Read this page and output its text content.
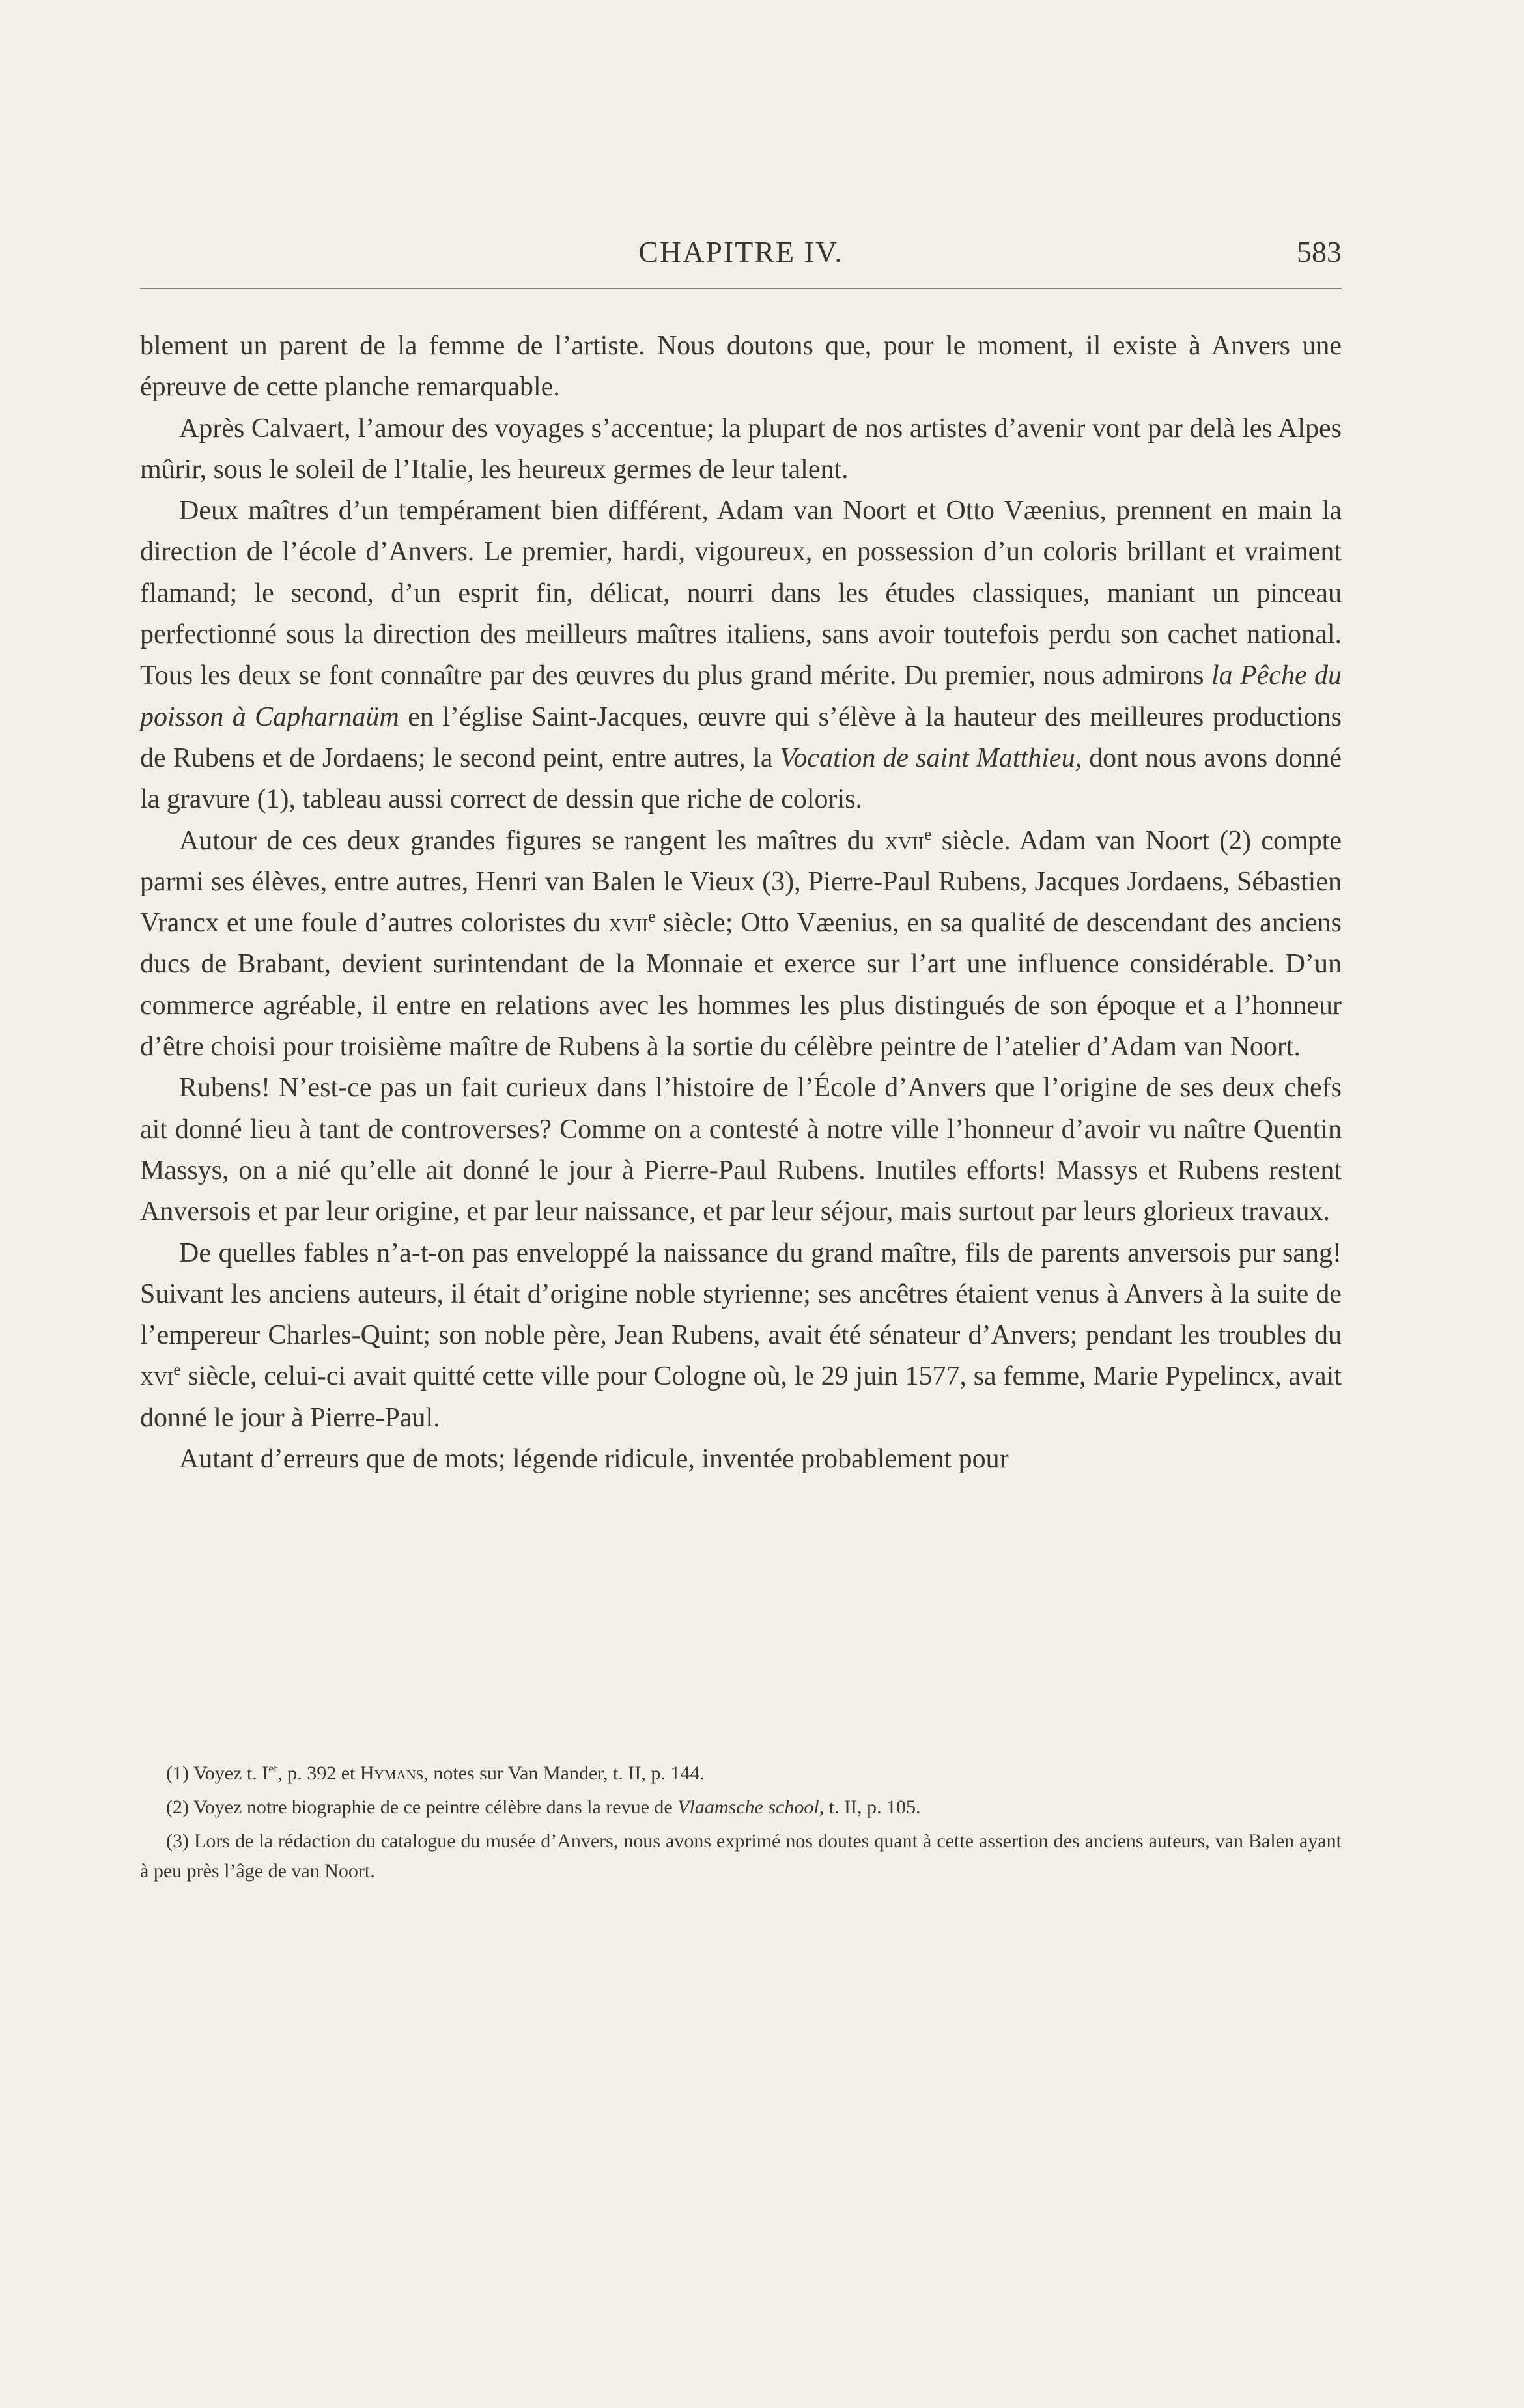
CHAPITRE IV.	583

blement un parent de la femme de l’artiste. Nous doutons que, pour le moment, il existe à Anvers une épreuve de cette planche remarquable.

Après Calvaert, l’amour des voyages s’accentue; la plupart de nos artistes d’avenir vont par delà les Alpes mûrir, sous le soleil de l’Italie, les heureux germes de leur talent.

Deux maîtres d’un tempérament bien différent, Adam van Noort et Otto Væenius, prennent en main la direction de l’école d’Anvers. Le premier, hardi, vigoureux, en possession d’un coloris brillant et vraiment flamand; le second, d’un esprit fin, délicat, nourri dans les études classiques, maniant un pinceau perfectionné sous la direction des meilleurs maîtres italiens, sans avoir toutefois perdu son cachet national. Tous les deux se font connaître par des œuvres du plus grand mérite. Du premier, nous admirons la Pêche du poisson à Capharnaüm en l’église Saint-Jacques, œuvre qui s’élève à la hauteur des meilleures productions de Rubens et de Jordaens; le second peint, entre autres, la Vocation de saint Matthieu, dont nous avons donné la gravure (1), tableau aussi correct de dessin que riche de coloris.

Autour de ces deux grandes figures se rangent les maîtres du xvii$^e$ siècle. Adam van Noort (2) compte parmi ses élèves, entre autres, Henri van Balen le Vieux (3), Pierre-Paul Rubens, Jacques Jordaens, Sébastien Vrancx et une foule d’autres coloristes du xvii$^e$ siècle; Otto Væenius, en sa qualité de descendant des anciens ducs de Brabant, devient surintendant de la Monnaie et exerce sur l’art une influence considérable. D’un commerce agréable, il entre en relations avec les hommes les plus distingués de son époque et a l’honneur d’être choisi pour troisième maître de Rubens à la sortie du célèbre peintre de l’atelier d’Adam van Noort.

Rubens! N’est-ce pas un fait curieux dans l’histoire de l’École d’Anvers que l’origine de ses deux chefs ait donné lieu à tant de controverses? Comme on a contesté à notre ville l’honneur d’avoir vu naître Quentin Massys, on a nié qu’elle ait donné le jour à Pierre-Paul Rubens. Inutiles efforts! Massys et Rubens restent Anversois et par leur origine, et par leur naissance, et par leur séjour, mais surtout par leurs glorieux travaux.

De quelles fables n’a-t-on pas enveloppé la naissance du grand maître, fils de parents anversois pur sang! Suivant les anciens auteurs, il était d’origine noble styrienne; ses ancêtres étaient venus à Anvers à la suite de l’empereur Charles-Quint; son noble père, Jean Rubens, avait été sénateur d’Anvers; pendant les troubles du xvi$^e$ siècle, celui-ci avait quitté cette ville pour Cologne où, le 29 juin 1577, sa femme, Marie Pypelincx, avait donné le jour à Pierre-Paul.

Autant d’erreurs que de mots; légende ridicule, inventée probablement pour

(1) Voyez t. Ier, p. 392 et Hymans, notes sur Van Mander, t. II, p. 144.

(2) Voyez notre biographie de ce peintre célèbre dans la revue de Vlaamsche school, t. II, p. 105.

(3) Lors de la rédaction du catalogue du musée d’Anvers, nous avons exprimé nos doutes quant à cette assertion des anciens auteurs, van Balen ayant à peu près l’âge de van Noort.
